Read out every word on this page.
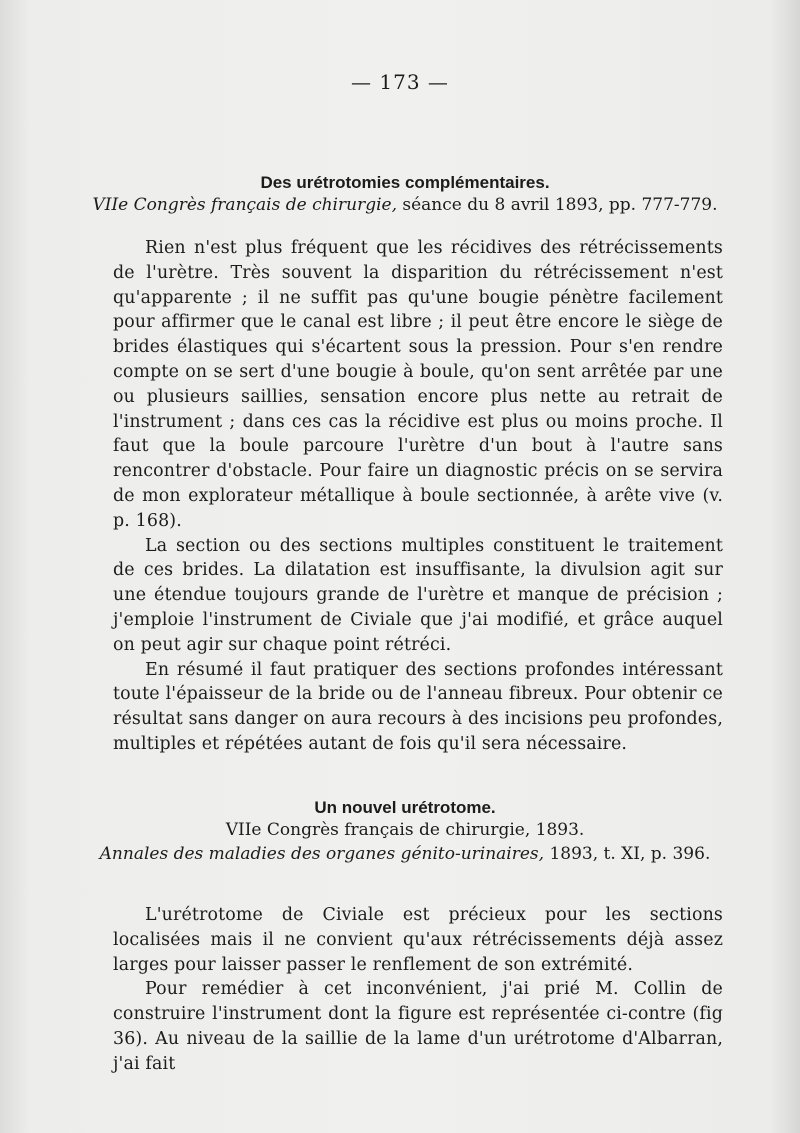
— 173 —
Des urétrotomies complémentaires.
VIIe Congrès français de chirurgie, séance du 8 avril 1893, pp. 777-779.

Rien n'est plus fréquent que les récidives des rétrécissements de l'urètre. Très souvent la disparition du rétrécissement n'est qu'apparente ; il ne suffit pas qu'une bougie pénètre facilement pour affirmer que le canal est libre ; il peut être encore le siège de brides élastiques qui s'écartent sous la pression. Pour s'en rendre compte on se sert d'une bougie à boule, qu'on sent arrêtée par une ou plusieurs saillies, sensation encore plus nette au retrait de l'instrument ; dans ces cas la récidive est plus ou moins proche. Il faut que la boule parcoure l'urètre d'un bout à l'autre sans rencontrer d'obstacle. Pour faire un diagnostic précis on se servira de mon explorateur métallique à boule sectionnée, à arête vive (v. p. 168).

La section ou des sections multiples constituent le traitement de ces brides. La dilatation est insuffisante, la divulsion agit sur une étendue toujours grande de l'urètre et manque de précision ; j'emploie l'instrument de Civiale que j'ai modifié, et grâce auquel on peut agir sur chaque point rétréci.

En résumé il faut pratiquer des sections profondes intéressant toute l'épaisseur de la bride ou de l'anneau fibreux. Pour obtenir ce résultat sans danger on aura recours à des incisions peu profondes, multiples et répétées autant de fois qu'il sera nécessaire.

Un nouvel urétrotome.
VIIe Congrès français de chirurgie, 1893.
Annales des maladies des organes génito-urinaires, 1893, t. XI, p. 396.

L'urétrotome de Civiale est précieux pour les sections localisées mais il ne convient qu'aux rétrécissements déjà assez larges pour laisser passer le renflement de son extrémité.

Pour remédier à cet inconvénient, j'ai prié M. Collin de construire l'instrument dont la figure est représentée ci-contre (fig 36). Au niveau de la saillie de la lame d'un urétrotome d'Albarran, j'ai fait
